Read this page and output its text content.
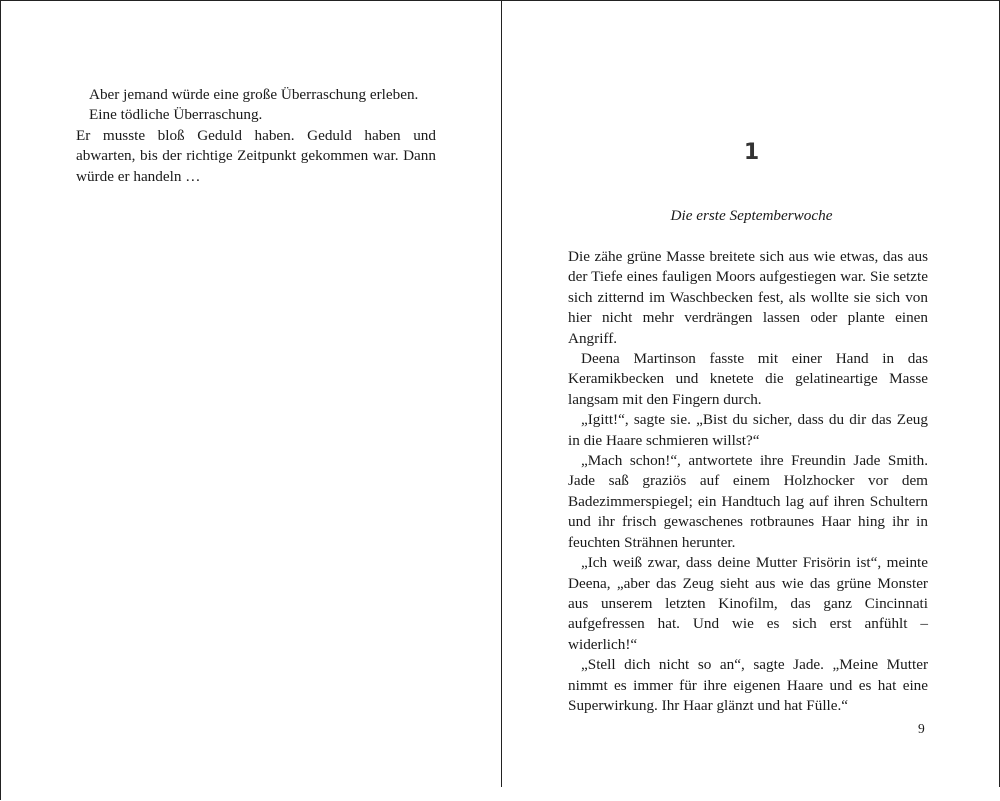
Aber jemand würde eine große Überraschung erleben.

Eine tödliche Überraschung.

Er musste bloß Geduld haben. Geduld haben und abwarten, bis der richtige Zeitpunkt gekommen war. Dann würde er handeln …

1
Die erste Septemberwoche

Die zähe grüne Masse breitete sich aus wie etwas, das aus der Tiefe eines fauligen Moors aufgestiegen war. Sie setzte sich zitternd im Waschbecken fest, als wollte sie sich von hier nicht mehr verdrängen lassen oder plante einen Angriff.

Deena Martinson fasste mit einer Hand in das Keramikbecken und knetete die gelatineartige Masse langsam mit den Fingern durch.

„Igitt!“, sagte sie. „Bist du sicher, dass du dir das Zeug in die Haare schmieren willst?“

„Mach schon!“, antwortete ihre Freundin Jade Smith. Jade saß graziös auf einem Holzhocker vor dem Badezimmerspiegel; ein Handtuch lag auf ihren Schultern und ihr frisch gewaschenes rotbraunes Haar hing ihr in feuchten Strähnen herunter.

„Ich weiß zwar, dass deine Mutter Frisörin ist“, meinte Deena, „aber das Zeug sieht aus wie das grüne Monster aus unserem letzten Kinofilm, das ganz Cincinnati aufgefressen hat. Und wie es sich erst anfühlt – widerlich!“

„Stell dich nicht so an“, sagte Jade. „Meine Mutter nimmt es immer für ihre eigenen Haare und es hat eine Superwirkung. Ihr Haar glänzt und hat Fülle.“

9
